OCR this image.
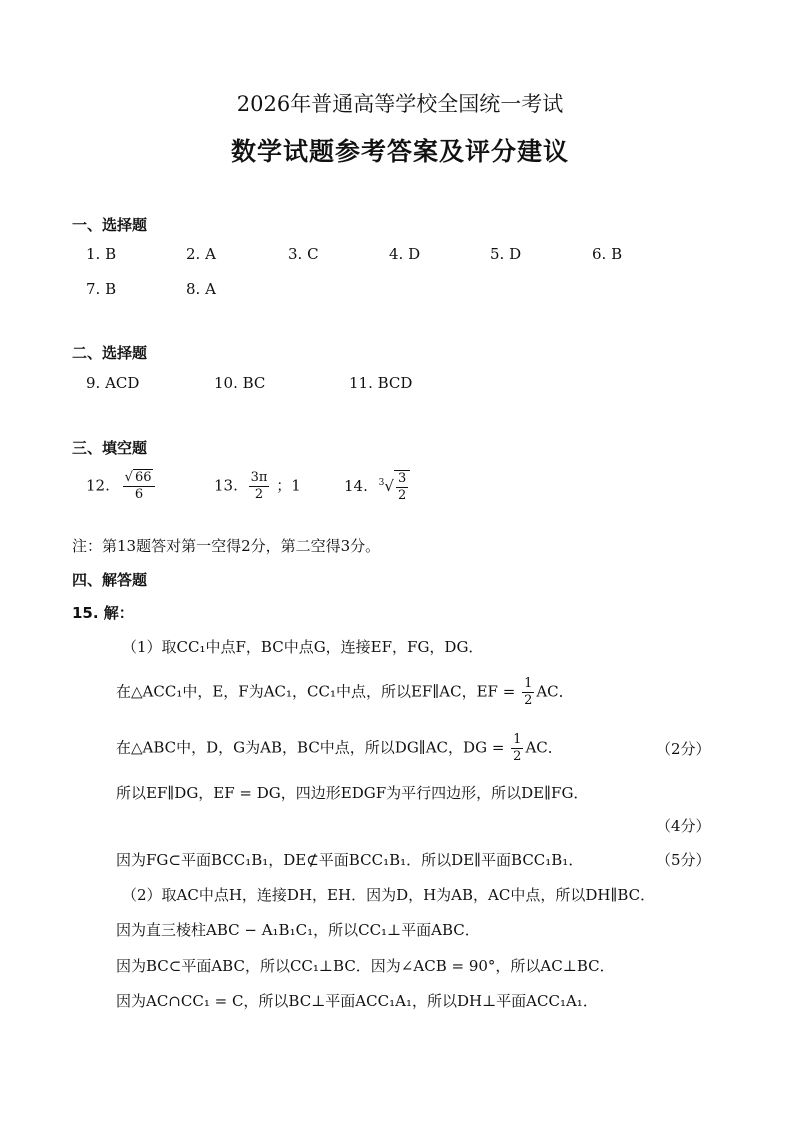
2026年普通高等学校全国统一考试
数学试题参考答案及评分建议
一、选择题
1. B	2. A	3. C	4. D	5. D	6. B
7. B	8. A
二、选择题
9. ACD	10. BC	11. BCD
三、填空题
12. $\frac{√ 66}{6}$	13. $\frac{3\pi}{2}$ ；1	14. $^3√ \frac{3}{2}$
注：第13题答对第一空得2分，第二空得3分。
四、解答题
15. 解：
（1）取CC₁中点F，BC中点G，连接EF，FG，DG．
在△ACC₁中，E，F为AC₁，CC₁中点，所以EF∥AC，EF = $\frac{1}{2}$ AC．
在△ABC中，D，G为AB，BC中点，所以DG∥AC，DG = $\frac{1}{2}$ AC．	（2分）
所以EF∥DG，EF = DG，四边形EDGF为平行四边形，所以DE∥FG．
（4分）
因为FG⊂平面BCC₁B₁，DE⊄平面BCC₁B₁．所以DE∥平面BCC₁B₁．	（5分）
（2）取AC中点H，连接DH，EH．因为D，H为AB，AC中点，所以DH∥BC．
因为直三棱柱ABC − A₁B₁C₁，所以CC₁⊥平面ABC．
因为BC⊂平面ABC，所以CC₁⊥BC．因为∠ACB = 90°，所以AC⊥BC．
因为AC∩CC₁ = C，所以BC⊥平面ACC₁A₁，所以DH⊥平面ACC₁A₁．
